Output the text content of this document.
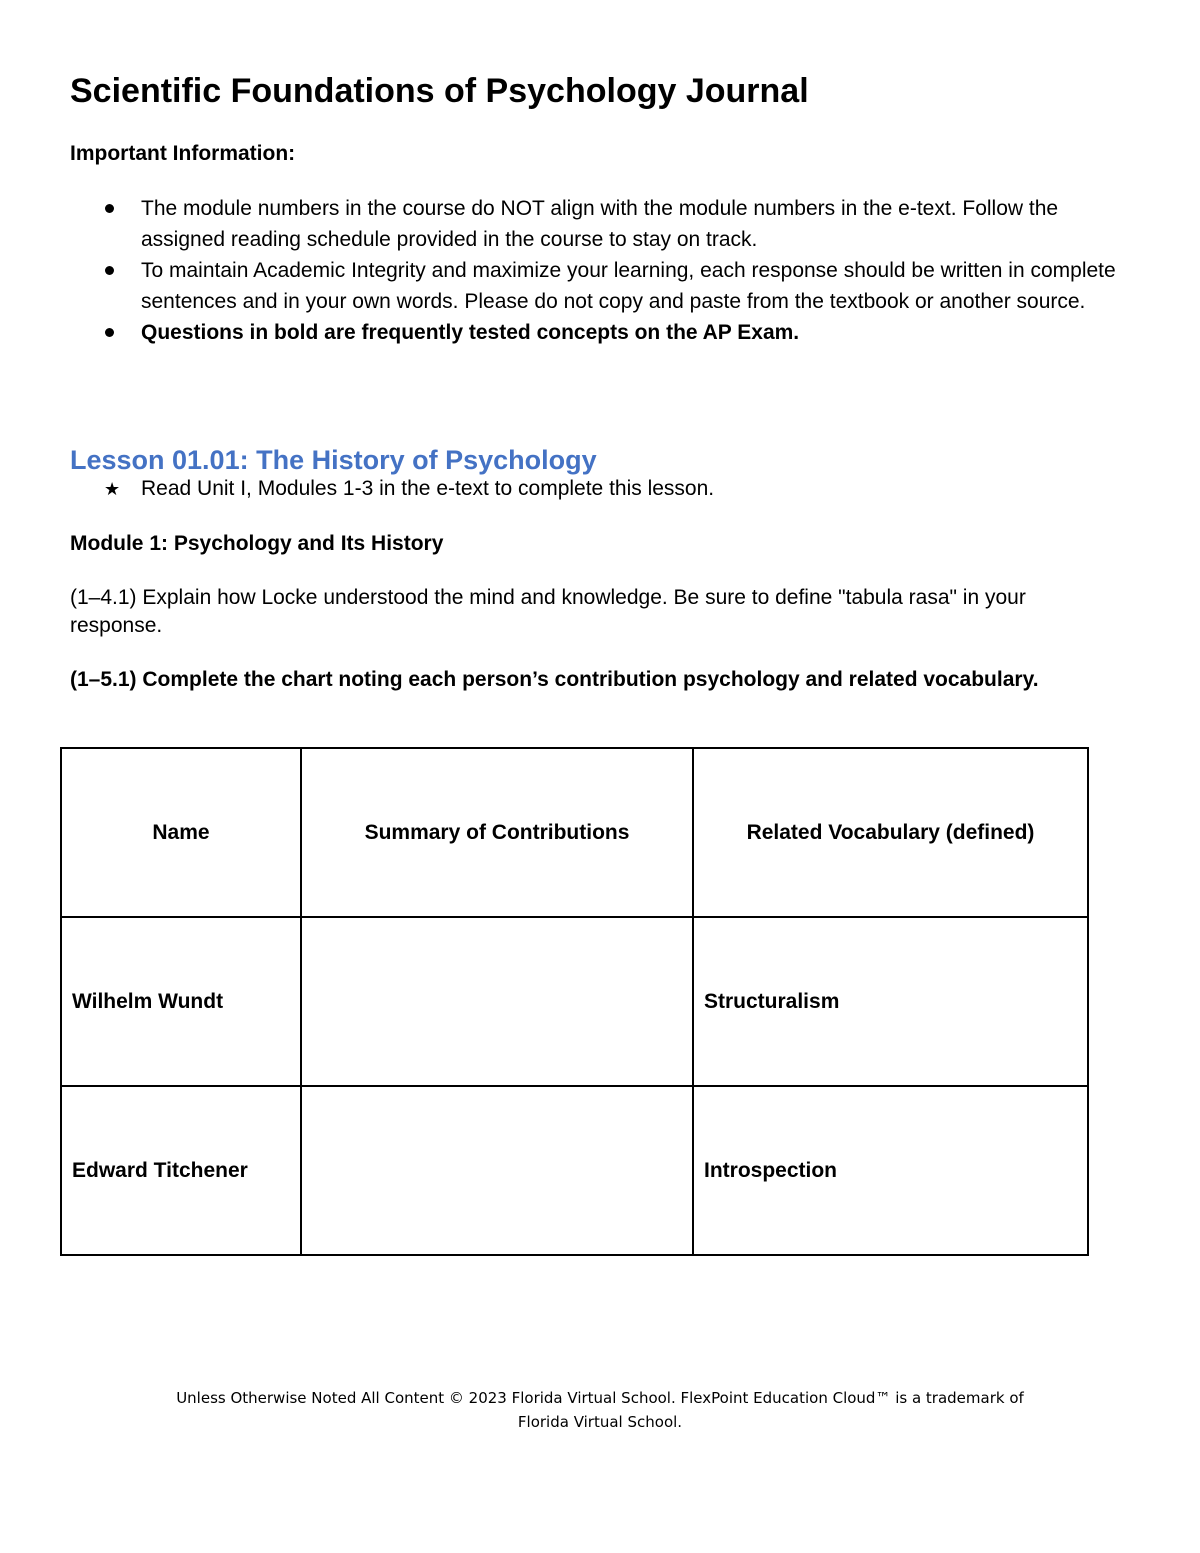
Scientific Foundations of Psychology Journal
Important Information:
The module numbers in the course do NOT align with the module numbers in the e-text. Follow the assigned reading schedule provided in the course to stay on track.
To maintain Academic Integrity and maximize your learning, each response should be written in complete sentences and in your own words. Please do not copy and paste from the textbook or another source.
Questions in bold are frequently tested concepts on the AP Exam.
Lesson 01.01: The History of Psychology
★ Read Unit I, Modules 1-3 in the e-text to complete this lesson.
Module 1: Psychology and Its History

(1–4.1) Explain how Locke understood the mind and knowledge. Be sure to define "tabula rasa" in your response.

(1–5.1) Complete the chart noting each person’s contribution psychology and related vocabulary.

Name	Summary of Contributions	Related Vocabulary (defined)
Wilhelm Wundt		Structuralism
Edward Titchener		Introspection
Unless Otherwise Noted All Content © 2023 Florida Virtual School. FlexPoint Education Cloud™ is a trademark of
Florida Virtual School.
